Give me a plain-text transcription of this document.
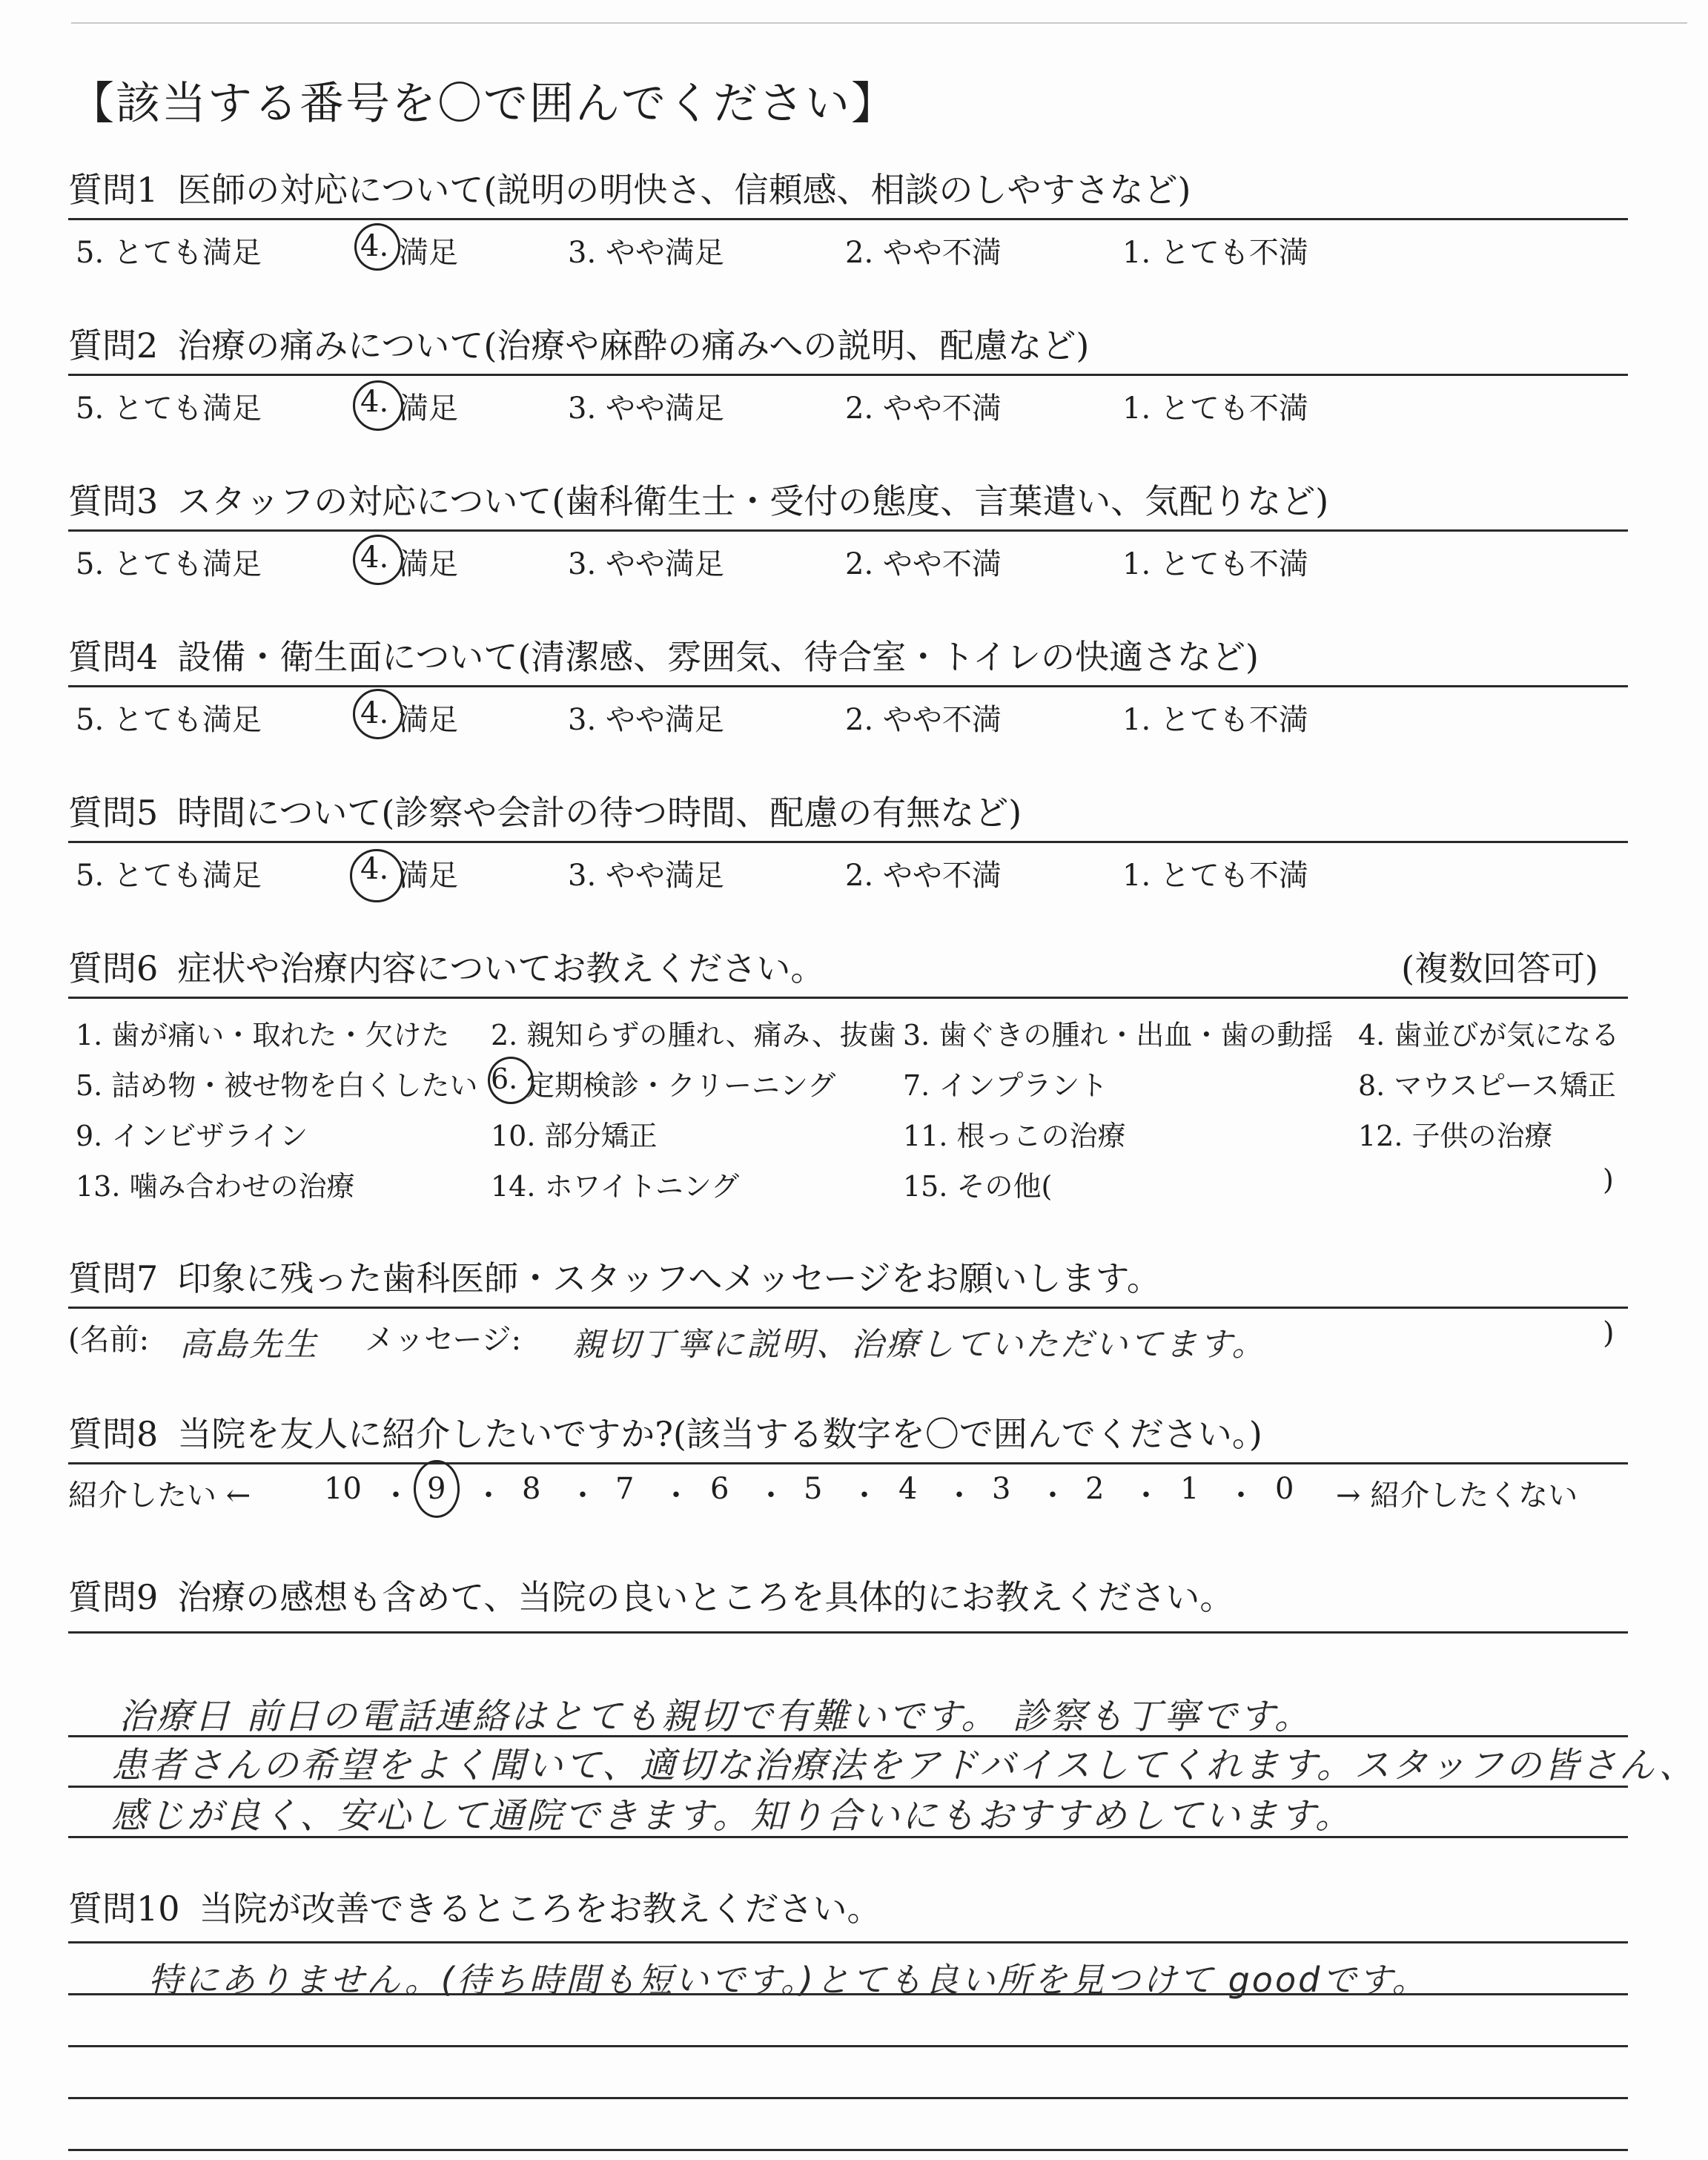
【該当する番号を〇で囲んでください】
質問1 医師の対応について(説明の明快さ、信頼感、相談のしやすさなど)
5. とても満足	4. 満足	3. やや満足	2. やや不満	1. とても不満
質問2 治療の痛みについて(治療や麻酔の痛みへの説明、配慮など)
5. とても満足	4. 満足	3. やや満足	2. やや不満	1. とても不満
質問3 スタッフの対応について(歯科衛生士・受付の態度、言葉遣い、気配りなど)
5. とても満足	4. 満足	3. やや満足	2. やや不満	1. とても不満
質問4 設備・衛生面について(清潔感、雰囲気、待合室・トイレの快適さなど)
5. とても満足	4. 満足	3. やや満足	2. やや不満	1. とても不満
質問5 時間について(診察や会計の待つ時間、配慮の有無など)
5. とても満足	4. 満足	3. やや満足	2. やや不満	1. とても不満
質問6 症状や治療内容についてお教えください。	(複数回答可)
1. 歯が痛い・取れた・欠けた 2. 親知らずの腫れ、痛み、抜歯 3. 歯ぐきの腫れ・出血・歯の動揺 4. 歯並びが気になる
5. 詰め物・被せ物を白くしたい 6. 定期検診・クリーニング 7. インプラント	8. マウスピース矯正
9. インビザライン	10. 部分矯正	11. 根っこの治療	12. 子供の治療
13. 噛み合わせの治療	14. ホワイトニング	15. その他(	)
質問7 印象に残った歯科医師・スタッフへメッセージをお願いします。
(名前: 高島先生 メッセージ: 親切丁寧に説明、治療していただいてます。	)
質問8 当院を友人に紹介したいですか?(該当する数字を〇で囲んでください。)
紹介したい ← 10 ・ 9 ・ 8 ・ 7 ・ 6 ・ 5 ・ 4 ・ 3 ・ 2 ・ 1 ・ 0 → 紹介したくない
質問9 治療の感想も含めて、当院の良いところを具体的にお教えください。
治療日 前日の電話連絡はとても親切で有難いです。 診察も丁寧です。
患者さんの希望をよく聞いて、適切な治療法をアドバイスしてくれます。スタッフの皆さん、
感じが良く、安心して通院できます。知り合いにもおすすめしています。
質問10 当院が改善できるところをお教えください。
特にありません。(待ち時間も短いです。)とても良い所を見つけて goodです。
